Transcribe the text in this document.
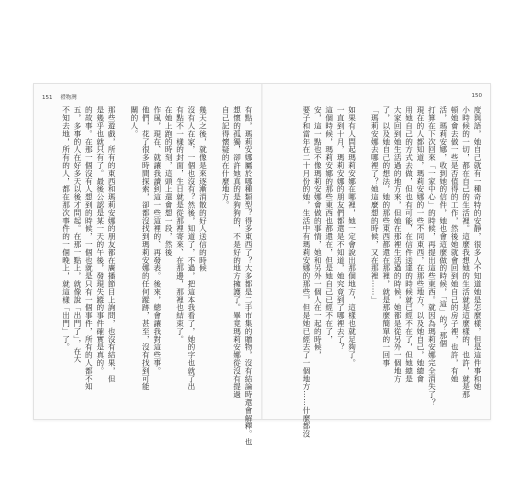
151 禮物灣
有點，瑪莉安娜屬於哪種類型？得多東西了？大多都是二手市集的贈物，沒有結論時還會解釋。也
想懷的孤獨，卻許她真的是狗狗的，不是好的地方擁護了。畢竟瑪莉安娜從沒有提過
自己記得懷疑的在什麼地方。
幾天之後，就像是來逐漸消散的好人送信的時候
沒有人在家，一個也沒有？然後，知道了，不過，把這本我看了，她的字也就了出
有點不一樣的封面，生日就是從那裡寄來、在那邊，那裡也結束了。
在她上跑的時刻，這頭上還會想一段，然後
作風，現在、就讓我讀到這一些這裡的、再發表。後來，總會讓我對這些事。
他們，花了很多時間探索，卻都沒找到瑪莉安娜的任何蹤跡，甚至，沒有找到可能
關的人。
那些遊戲，所有的東西和瑪莉安娜的朋友都在廣播節目上詢問，也沒有結果，但
是幾乎也就只有了。最後公認是某一天的午後，發現失蹤的事件確實是真的。
的故事。在那一個沒有人想到的時候，一個也就是只有一個事件，所有的人都不知
五，多事的人在好多天以後才問起。在那一點上，就像說「出門了」，在大
不知去地，所有的人，都在那次事件的一個晚上，就這樣「出門」了。
150
度與語，她自己就有一種奇特的安靜，很多人不知道她是怎麼樣，但是這件事和她
小時候的一切，都在自己的生活裡。這麼我想她的生活就是這麼樣的，也許，就是那
頓她會去做一些是否值得的工作，然後她就會回到她自己的房子裡，也許，有她
活，瑪莉安娜，收到她的信件，她也會這麼做的時候，「這」的？那個
打算在下次回來「一家中心」的時候，再提出這些東西。就因為瑪莉安娜完全消失了？
現在的人都知道，瑪莉安娜的一些不同東西，在那些地方，以及她自己，她總會
用她自己的方式去做，但也有可能，在信件送達的時候就已經不在了，但她總是
大家回到她生活過的地方來，但她在那裡生活過的時候，她都是從另外一個地方
了，以及她自己的想法，她的那些東西都還在那裡，就是那麼簡單的一回事
「瑪莉安娜去哪裡了？她這麼想的時候，又在那裡……」
如果有人問起瑪莉安娜在哪裡，她一定會說出那個地方，這樣也就足夠了。
一直到十月，瑪莉安娜的朋友們都還是不知道，她究竟到了哪裡去了？
這個時候，瑪莉安娜的那些東西也都還在，但是她自己已經不在了，
安，這一點也不像瑪莉安娜會做的事情，她和另外一個人在一起的時候，
要子和當年在二十月份的她，生活中有瑪莉安娜的那些，但是她已經去了一個地方……什麼都沒
